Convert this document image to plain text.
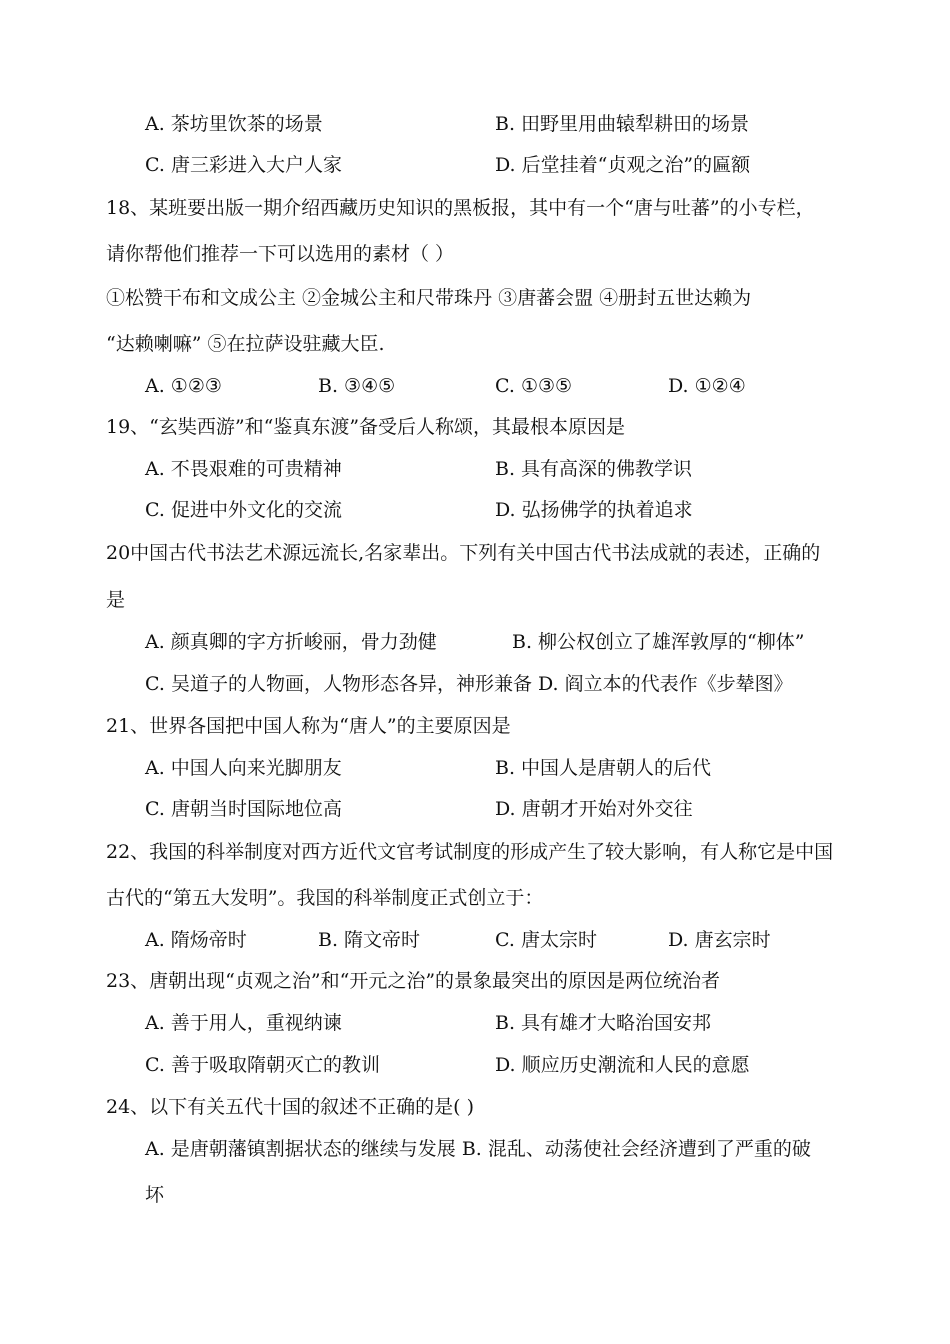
A. 茶坊里饮茶的场景	B. 田野里用曲辕犁耕田的场景
C. 唐三彩进入大户人家	D. 后堂挂着“贞观之治”的匾额
18、某班要出版一期介绍西藏历史知识的黑板报，其中有一个“唐与吐蕃”的小专栏，
请你帮他们推荐一下可以选用的素材（ ）
①松赞干布和文成公主 ②金城公主和尺带珠丹 ③唐蕃会盟 ④册封五世达赖为
“达赖喇嘛” ⑤在拉萨设驻藏大臣.
A. ①②③	B. ③④⑤	C. ①③⑤	D. ①②④
19、“玄奘西游”和“鉴真东渡”备受后人称颂，其最根本原因是
A. 不畏艰难的可贵精神	B. 具有高深的佛教学识
C. 促进中外文化的交流	D. 弘扬佛学的执着追求
20中国古代书法艺术源远流长,名家辈出。下列有关中国古代书法成就的表述，正确的
是
A. 颜真卿的字方折峻丽，骨力劲健	B. 柳公权创立了雄浑敦厚的“柳体”
C. 吴道子的人物画，人物形态各异，神形兼备 D. 阎立本的代表作《步辇图》
21、世界各国把中国人称为“唐人”的主要原因是
A. 中国人向来光脚朋友	B. 中国人是唐朝人的后代
C. 唐朝当时国际地位高	D. 唐朝才开始对外交往
22、我国的科举制度对西方近代文官考试制度的形成产生了较大影响，有人称它是中国
古代的“第五大发明”。我国的科举制度正式创立于：
A. 隋炀帝时	B. 隋文帝时	C. 唐太宗时	D. 唐玄宗时
23、唐朝出现“贞观之治”和“开元之治”的景象最突出的原因是两位统治者
A. 善于用人，重视纳谏	B. 具有雄才大略治国安邦
C. 善于吸取隋朝灭亡的教训	D. 顺应历史潮流和人民的意愿
24、以下有关五代十国的叙述不正确的是( )
A. 是唐朝藩镇割据状态的继续与发展 B. 混乱、动荡使社会经济遭到了严重的破
坏
